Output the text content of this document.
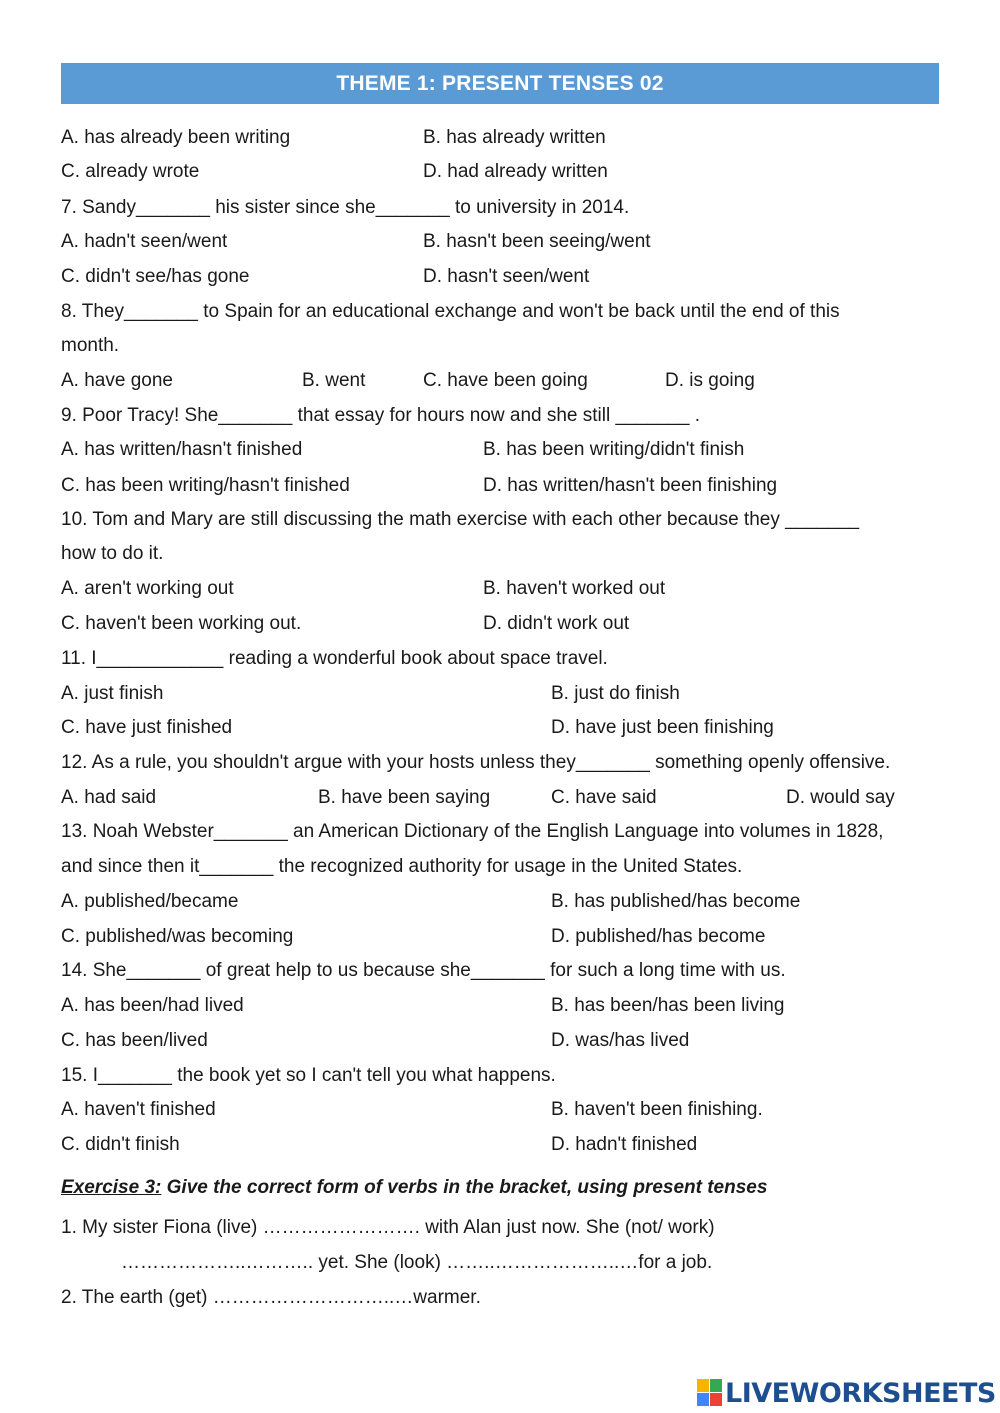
THEME 1: PRESENT TENSES 02
A. has already been writing	B. has already written
C. already wrote	D. had already written
7. Sandy_______ his sister since she_______ to university in 2014.
A. hadn't seen/went	B. hasn't been seeing/went
C. didn't see/has gone	D. hasn't seen/went
8. They_______ to Spain for an educational exchange and won't be back until the end of this
month.
A. have gone	B. went	C. have been going	D. is going
9. Poor Tracy! She_______ that essay for hours now and she still _______ .
A. has written/hasn't finished	B. has been writing/didn't finish
C. has been writing/hasn't finished	D. has written/hasn't been finishing
10. Tom and Mary are still discussing the math exercise with each other because they _______
how to do it.
A. aren't working out	B. haven't worked out
C. haven't been working out.	D. didn't work out
11. I____________ reading a wonderful book about space travel.
A. just finish	B. just do finish
C. have just finished	D. have just been finishing
12. As a rule, you shouldn't argue with your hosts unless they_______ something openly offensive.
A. had said	B. have been saying	C. have said	D. would say
13. Noah Webster_______ an American Dictionary of the English Language into volumes in 1828,
and since then it_______ the recognized authority for usage in the United States.
A. published/became	B. has published/has become
C. published/was becoming	D. published/has become
14. She_______ of great help to us because she_______ for such a long time with us.
A. has been/had lived	B. has been/has been living
C. has been/lived	D. was/has lived
15. I_______ the book yet so I can't tell you what happens.
A. haven't finished	B. haven't been finishing.
C. didn't finish	D. hadn't finished
Exercise 3: Give the correct form of verbs in the bracket, using present tenses
1. My sister Fiona (live) ……………………. with Alan just now. She (not/ work)
………………..……….. yet. She (look) ……..………………..…for a job.
2. The earth (get) ………………………..…warmer.
LIVEWORKSHEETS
